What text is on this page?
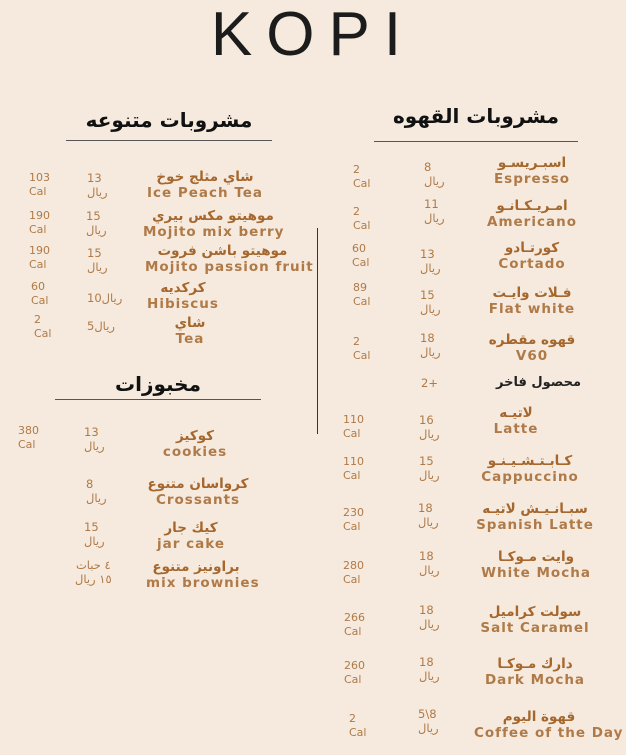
KOPI
مشروبات القهوه
مشروبات متنوعه
مخبوزات
اسبـريسـو
Espresso
8
ريال
2
Cal
امـريـكـانـو
Americano
11
ريال
2
Cal
كورتـادو
Cortado
13
ريال
60
Cal
فـلات وايـت
Flat white
15
ريال
89
Cal
قهوه مقطره
V60
18
ريال
2
Cal
محصول فاخر
2+
لاتيـه
Latte
16
ريال
110
Cal
كـابـتـشـيـنـو
Cappuccino
15
ريال
110
Cal
سبـانـيـش لاتيـه
Spanish Latte
18
ريال
230
Cal
وايت مـوكـا
White Mocha
18
ريال
280
Cal
سولت كراميل
Salt Caramel
18
ريال
266
Cal
دارك مـوكـا
Dark Mocha
18
ريال
260
Cal
قهوة اليوم
Coffee of the Day
5\8
ريال
2
Cal
شاي مثلج خوخ
Ice Peach Tea
13
ريال
103
Cal
موهيتو مكس بيري
Mojito mix berry
15
ريال
190
Cal
موهيتو باشن فروت
Mojito passion fruit
15
ريال
190
Cal
كركديه
Hibiscus
10ريال
60
Cal
شاي
Tea
5ريال
2
Cal
كوكيز
cookies
13
ريال
380
Cal
كرواسان متنوع
Crossants
8
ريال
كيك جار
jar cake
15
ريال
براونيز متنوع
mix brownies
٤ حبات
١٥ ريال
